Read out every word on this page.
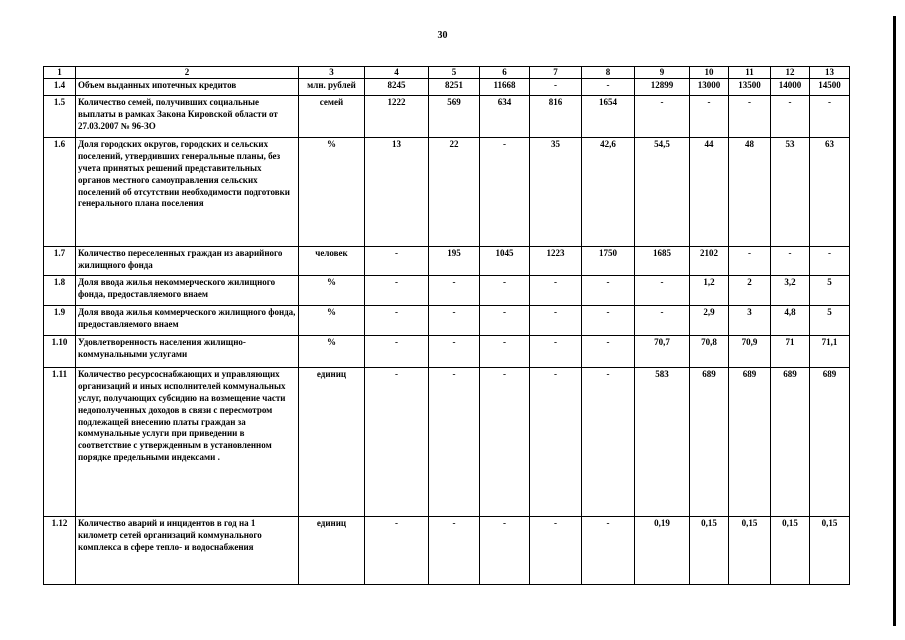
30
1	2	3	4	5	6	7	8	9	10	11	12	13
1.4	Объем выданных ипотечных кредитов	млн. рублей	8245	8251	11668	-	-	12899	13000	13500	14000	14500
1.5	Количество семей, получивших социальные выплаты в рамках Закона Кировской области от 27.03.2007 № 96-ЗО	семей	1222	569	634	816	1654	-	-	-	-	-
1.6	Доля городских округов, городских и сельских поселений, утвердивших генеральные планы, без учета принятых решений представительных органов местного самоуправления сельских поселений об отсутствии необходимости подготовки генерального плана поселения	%	13	22	-	35	42,6	54,5	44	48	53	63
1.7	Количество переселенных граждан из аварийного жилищного фонда	человек	-	195	1045	1223	1750	1685	2102	-	-	-
1.8	Доля ввода жилья некоммерческого жилищного фонда, предоставляемого внаем	%	-	-	-	-	-	-	1,2	2	3,2	5
1.9	Доля ввода жилья коммерческого жилищного фонда, предоставляемого внаем	%	-	-	-	-	-	-	2,9	3	4,8	5
1.10	Удовлетворенность населения жилищно-коммунальными услугами	%	-	-	-	-	-	70,7	70,8	70,9	71	71,1
1.11	Количество ресурсоснабжающих и управляющих организаций и иных исполнителей коммунальных услуг, получающих субсидию на возмещение части недополученных доходов в связи с пересмотром подлежащей внесению платы граждан за коммунальные услуги при приведении в соответствие с утвержденным в установленном порядке предельными индексами .	единиц	-	-	-	-	-	583	689	689	689	689
1.12	Количество аварий и инцидентов в год на 1 километр сетей организаций коммунального комплекса в сфере тепло- и водоснабжения	единиц	-	-	-	-	-	0,19	0,15	0,15	0,15	0,15
